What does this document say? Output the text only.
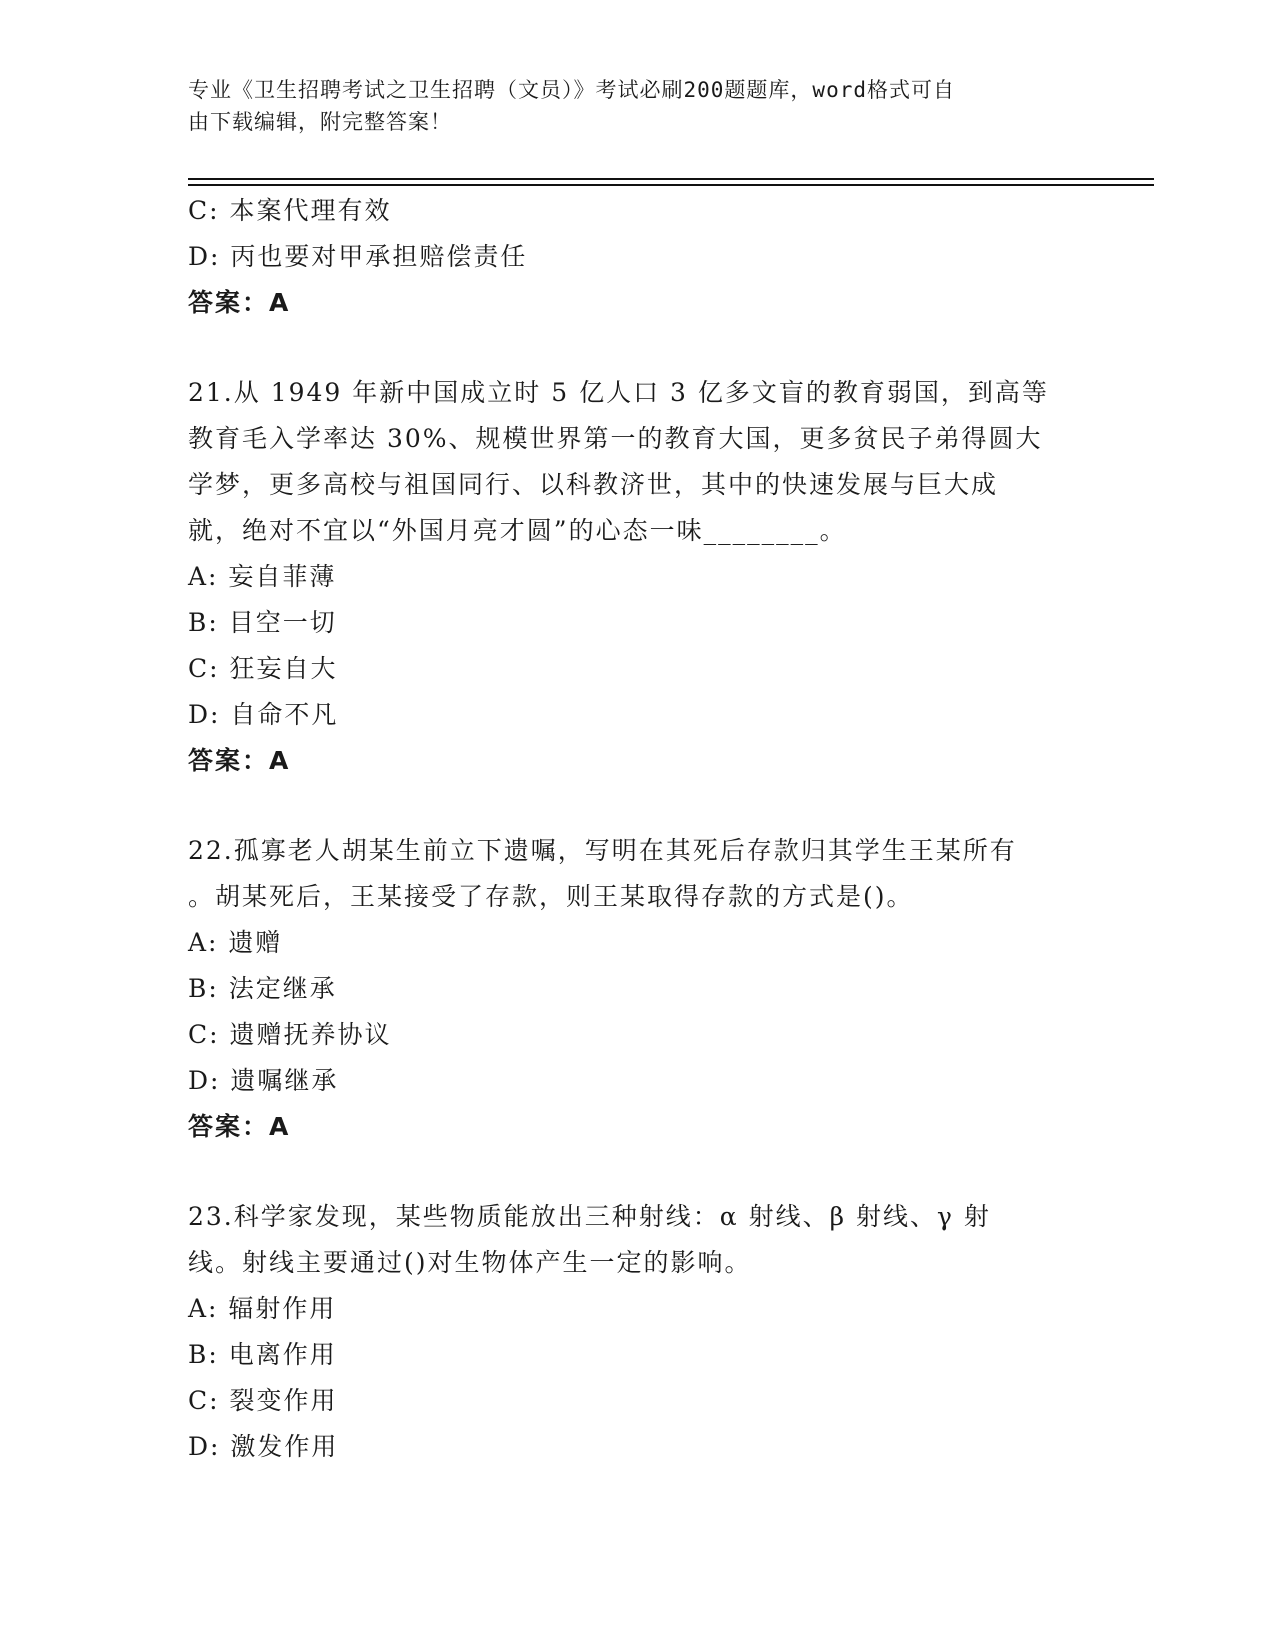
专业《卫生招聘考试之卫生招聘（文员）》考试必刷200题题库，word格式可自
由下载编辑，附完整答案！
C: 本案代理有效
D: 丙也要对甲承担赔偿责任
答案：A
21.从 1949 年新中国成立时 5 亿人口 3 亿多文盲的教育弱国，到高等
教育毛入学率达 30%、规模世界第一的教育大国，更多贫民子弟得圆大
学梦，更多高校与祖国同行、以科教济世，其中的快速发展与巨大成
就，绝对不宜以“外国月亮才圆”的心态一味________。
A: 妄自菲薄
B: 目空一切
C: 狂妄自大
D: 自命不凡
答案：A
22.孤寡老人胡某生前立下遗嘱，写明在其死后存款归其学生王某所有
。胡某死后，王某接受了存款，则王某取得存款的方式是()。
A: 遗赠
B: 法定继承
C: 遗赠抚养协议
D: 遗嘱继承
答案：A
23.科学家发现，某些物质能放出三种射线：α 射线、β 射线、γ 射
线。射线主要通过()对生物体产生一定的影响。
A: 辐射作用
B: 电离作用
C: 裂变作用
D: 激发作用
